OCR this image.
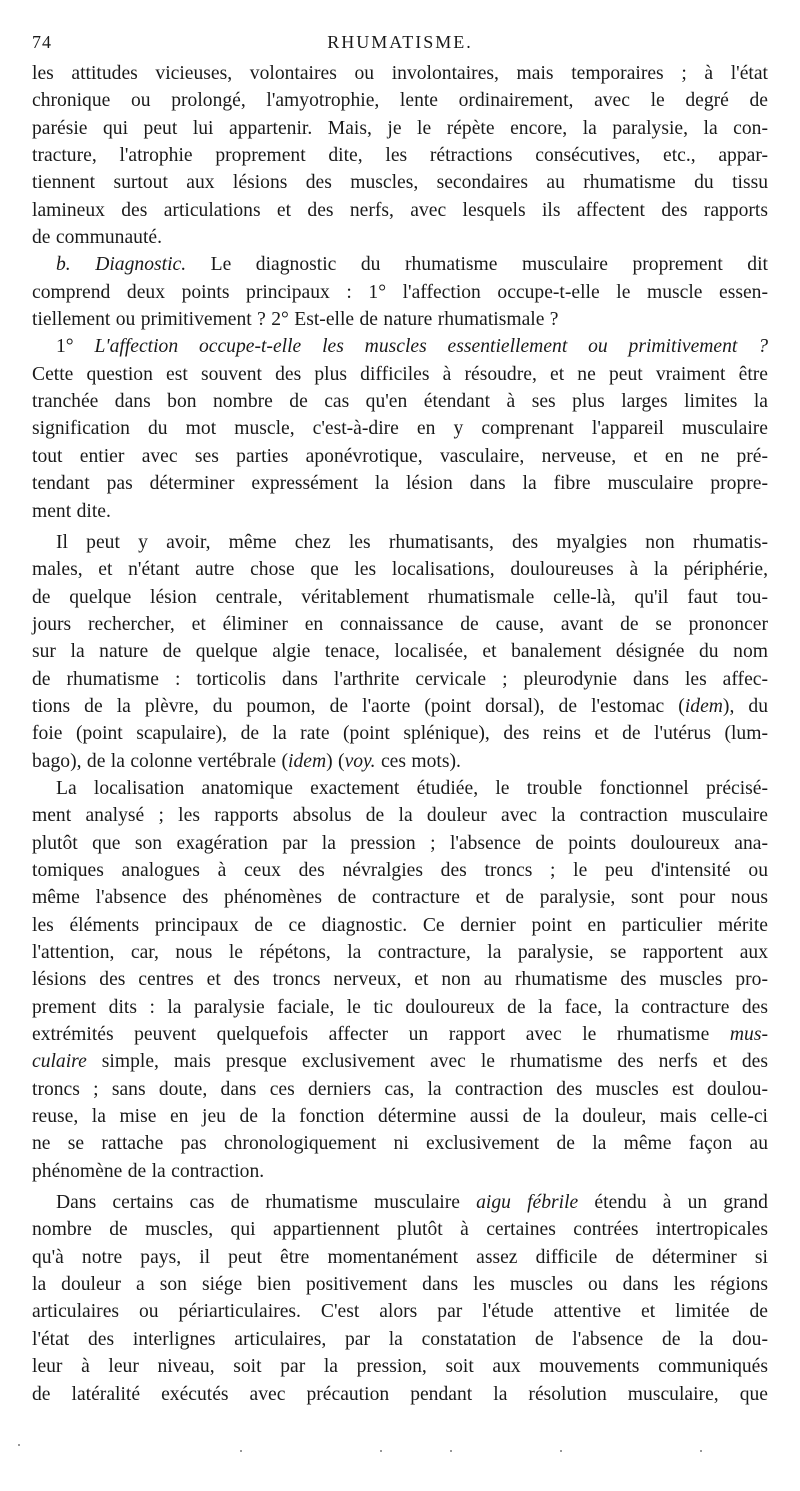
74	RHUMATISME.
les attitudes vicieuses, volontaires ou involontaires, mais temporaires ; à l'état
chronique ou prolongé, l'amyotrophie, lente ordinairement, avec le degré de
parésie qui peut lui appartenir. Mais, je le répète encore, la paralysie, la con-
tracture, l'atrophie proprement dite, les rétractions consécutives, etc., appar-
tiennent surtout aux lésions des muscles, secondaires au rhumatisme du tissu
lamineux des articulations et des nerfs, avec lesquels ils affectent des rapports
de communauté.
b. Diagnostic. Le diagnostic du rhumatisme musculaire proprement dit
comprend deux points principaux : 1° l'affection occupe-t-elle le muscle essen-
tiellement ou primitivement ? 2° Est-elle de nature rhumatismale ?
1° L'affection occupe-t-elle les muscles essentiellement ou primitivement ?
Cette question est souvent des plus difficiles à résoudre, et ne peut vraiment être
tranchée dans bon nombre de cas qu'en étendant à ses plus larges limites la
signification du mot muscle, c'est-à-dire en y comprenant l'appareil musculaire
tout entier avec ses parties aponévrotique, vasculaire, nerveuse, et en ne pré-
tendant pas déterminer expressément la lésion dans la fibre musculaire propre-
ment dite.
Il peut y avoir, même chez les rhumatisants, des myalgies non rhumatis-
males, et n'étant autre chose que les localisations, douloureuses à la périphérie,
de quelque lésion centrale, véritablement rhumatismale celle-là, qu'il faut tou-
jours rechercher, et éliminer en connaissance de cause, avant de se prononcer
sur la nature de quelque algie tenace, localisée, et banalement désignée du nom
de rhumatisme : torticolis dans l'arthrite cervicale ; pleurodynie dans les affec-
tions de la plèvre, du poumon, de l'aorte (point dorsal), de l'estomac (idem), du
foie (point scapulaire), de la rate (point splénique), des reins et de l'utérus (lum-
bago), de la colonne vertébrale (idem) (voy. ces mots).
La localisation anatomique exactement étudiée, le trouble fonctionnel précisé-
ment analysé ; les rapports absolus de la douleur avec la contraction musculaire
plutôt que son exagération par la pression ; l'absence de points douloureux ana-
tomiques analogues à ceux des névralgies des troncs ; le peu d'intensité ou
même l'absence des phénomènes de contracture et de paralysie, sont pour nous
les éléments principaux de ce diagnostic. Ce dernier point en particulier mérite
l'attention, car, nous le répétons, la contracture, la paralysie, se rapportent aux
lésions des centres et des troncs nerveux, et non au rhumatisme des muscles pro-
prement dits : la paralysie faciale, le tic douloureux de la face, la contracture des
extrémités peuvent quelquefois affecter un rapport avec le rhumatisme mus-
culaire simple, mais presque exclusivement avec le rhumatisme des nerfs et des
troncs ; sans doute, dans ces derniers cas, la contraction des muscles est doulou-
reuse, la mise en jeu de la fonction détermine aussi de la douleur, mais celle-ci
ne se rattache pas chronologiquement ni exclusivement de la même façon au
phénomène de la contraction.
Dans certains cas de rhumatisme musculaire aigu fébrile étendu à un grand
nombre de muscles, qui appartiennent plutôt à certaines contrées intertropicales
qu'à notre pays, il peut être momentanément assez difficile de déterminer si
la douleur a son siége bien positivement dans les muscles ou dans les régions
articulaires ou périarticulaires. C'est alors par l'étude attentive et limitée de
l'état des interlignes articulaires, par la constatation de l'absence de la dou-
leur à leur niveau, soit par la pression, soit aux mouvements communiqués
de latéralité exécutés avec précaution pendant la résolution musculaire, que
